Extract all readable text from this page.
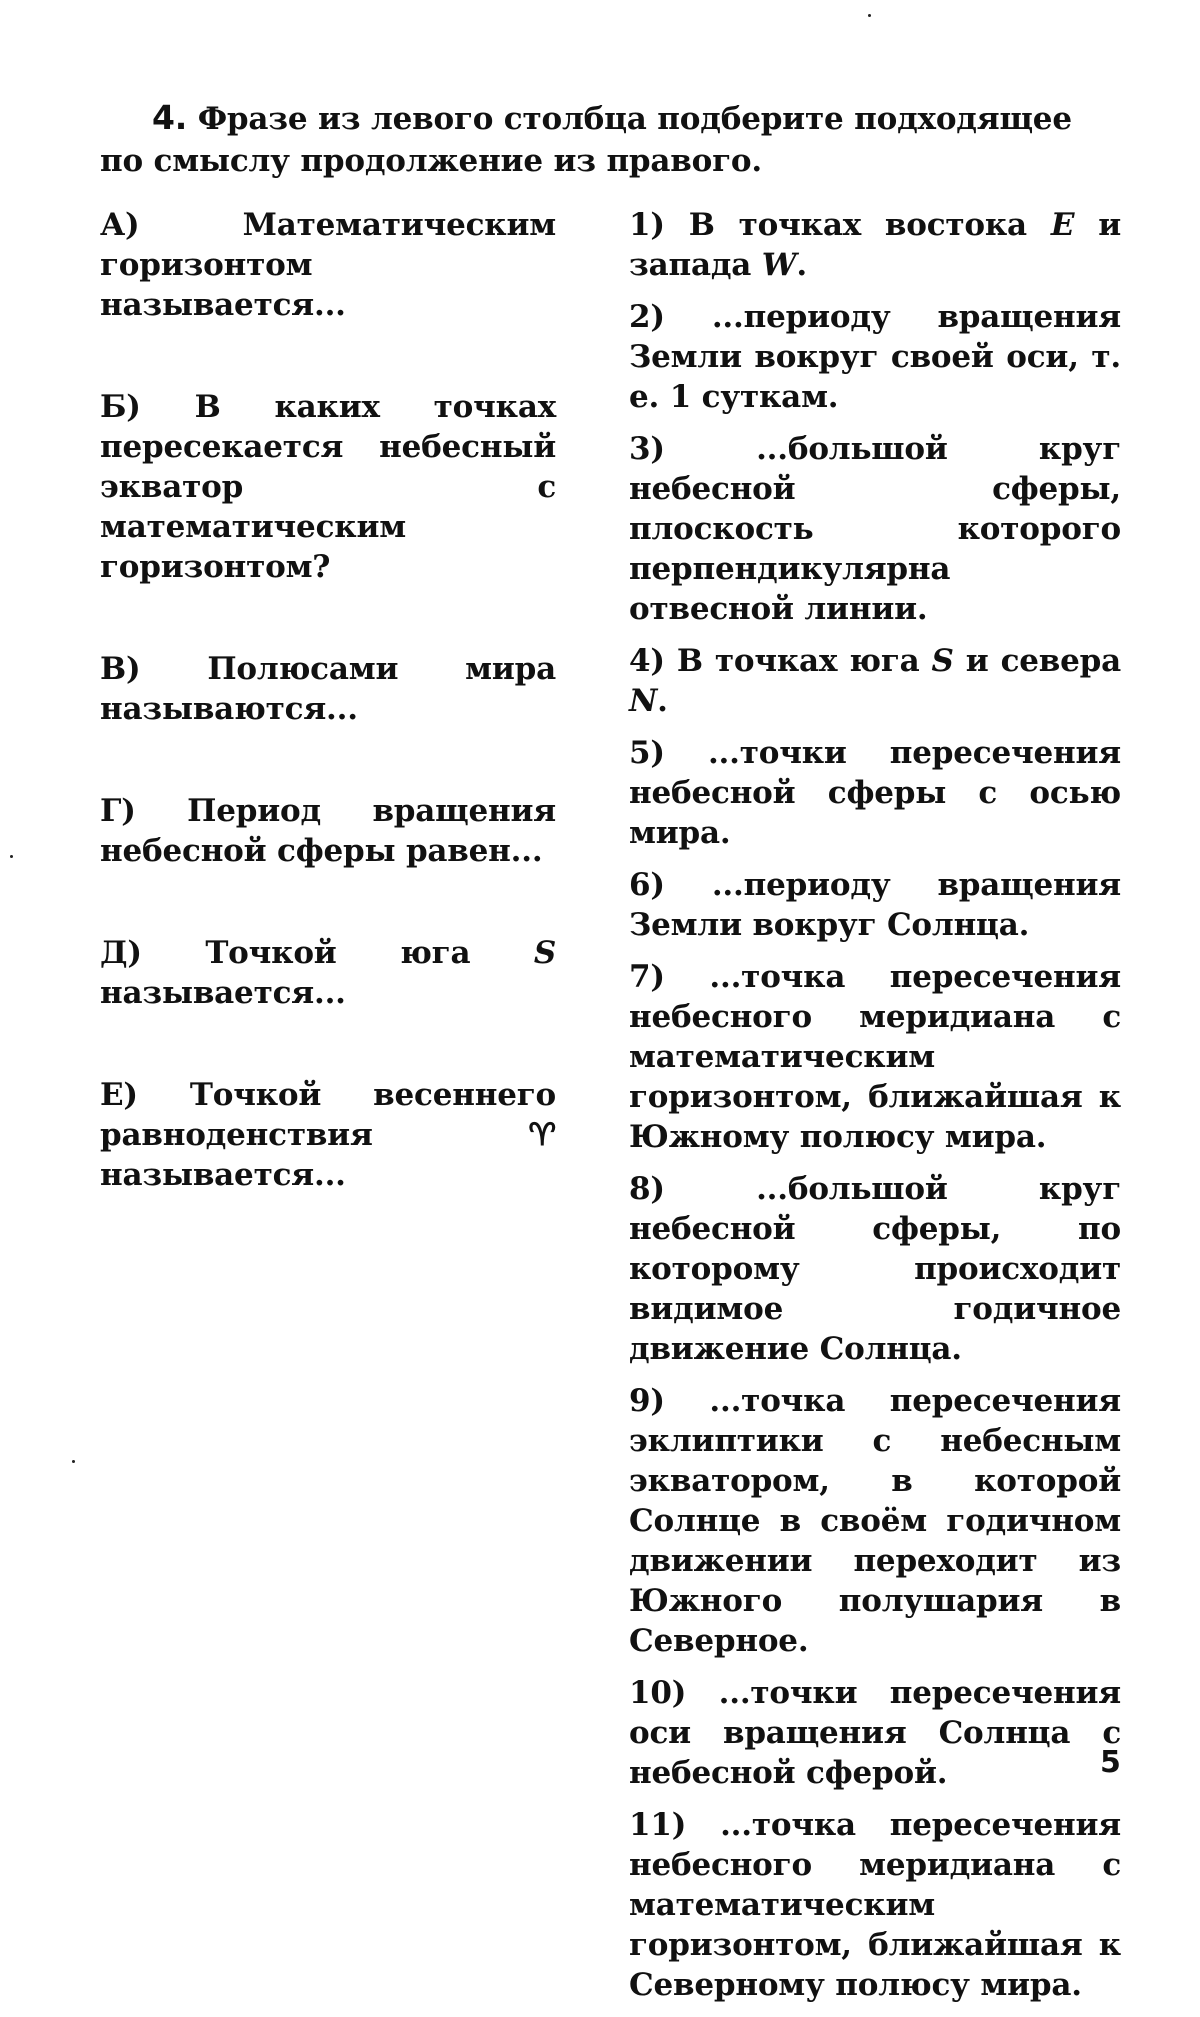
4. Фразе из левого столбца подберите подходящее по смыслу продолжение из правого.

А)	Математическим горизонтом называется...

Б) В каких точках пересекается небесный экватор с математическим горизонтом?

В) Полюсами мира называются...

Г) Период вращения небесной сферы равен...

Д) Точкой юга S называется...

Е) Точкой весеннего равноденствия	♈︎ называется...

1) В точках востока E и запада W.

2) ...периоду вращения Земли вокруг своей оси, т. е. 1 суткам.

3)	...большой круг небесной сферы, плоскость которого перпендикулярна отвесной линии.

4) В точках юга S и севера N.

5) ...точки пересечения небесной сферы с осью мира.

6) ...периоду вращения Земли вокруг Солнца.

7) ...точка пересечения небесного меридиана с математическим горизонтом, ближайшая к Южному полюсу мира.

8)	...большой круг небесной сферы, по которому происходит видимое годичное движение Солнца.

9) ...точка пересечения эклиптики с небесным экватором, в которой Солнце в своём годичном движении переходит из Южного полушария в Северное.

10) ...точки пересечения оси вращения Солнца с небесной сферой.

11) ...точка пересечения небесного меридиана с математическим горизонтом, ближайшая к Северному полюсу мира.

5
